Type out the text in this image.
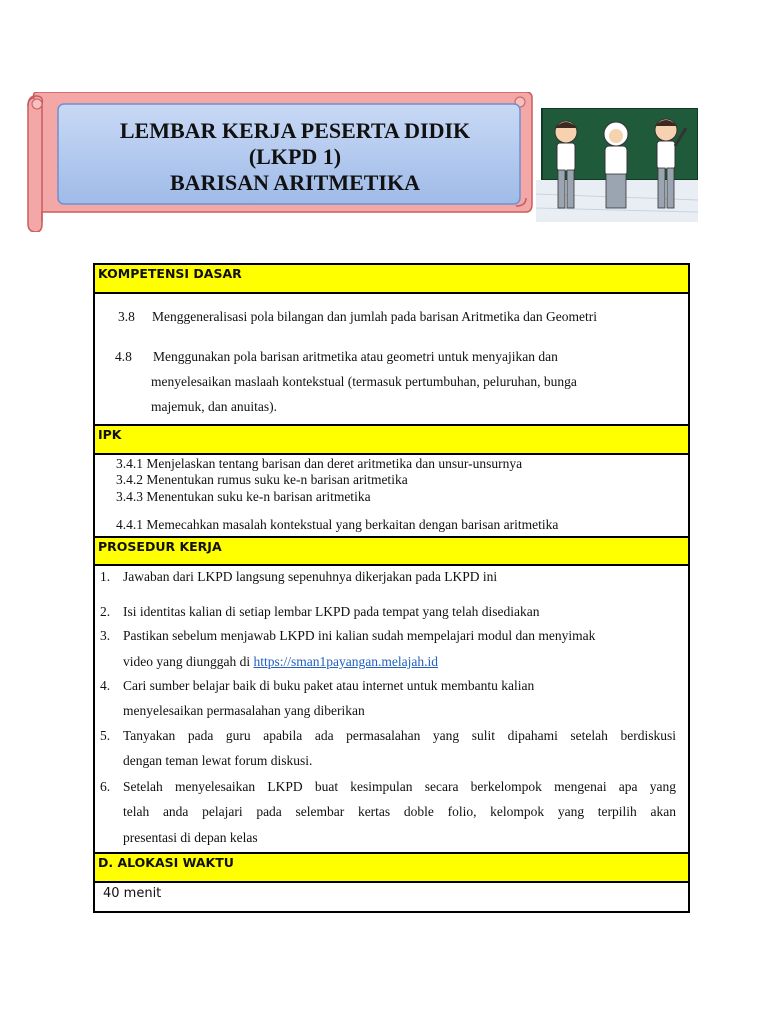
LEMBAR KERJA PESERTA DIDIK
(LKPD 1)
BARISAN ARITMETIKA
KOMPETENSI DASAR
3.8 Menggeneralisasi pola bilangan dan jumlah pada barisan Aritmetika dan Geometri
4.8 Menggunakan pola barisan aritmetika atau geometri untuk menyajikan dan
menyelesaikan maslaah kontekstual (termasuk pertumbuhan, peluruhan, bunga
majemuk, dan anuitas).
IPK
3.4.1 Menjelaskan tentang barisan dan deret aritmetika dan unsur-unsurnya
3.4.2 Menentukan rumus suku ke-n barisan aritmetika
3.4.3 Menentukan suku ke-n barisan aritmetika
4.4.1 Memecahkan masalah kontekstual yang berkaitan dengan barisan aritmetika
PROSEDUR KERJA
1. Jawaban dari LKPD langsung sepenuhnya dikerjakan pada LKPD ini
2. Isi identitas kalian di setiap lembar LKPD pada tempat yang telah disediakan
3. Pastikan sebelum menjawab LKPD ini kalian sudah mempelajari modul dan menyimak
video yang diunggah di https://sman1payangan.melajah.id
4. Cari sumber belajar baik di buku paket atau internet untuk membantu kalian
menyelesaikan permasalahan yang diberikan
5. Tanyakan pada guru apabila ada permasalahan yang sulit dipahami setelah berdiskusi
dengan teman lewat forum diskusi.
6. Setelah menyelesaikan LKPD buat kesimpulan secara berkelompok mengenai apa yang
telah anda pelajari pada selembar kertas doble folio, kelompok yang terpilih akan
presentasi di depan kelas
D. ALOKASI WAKTU
40 menit
